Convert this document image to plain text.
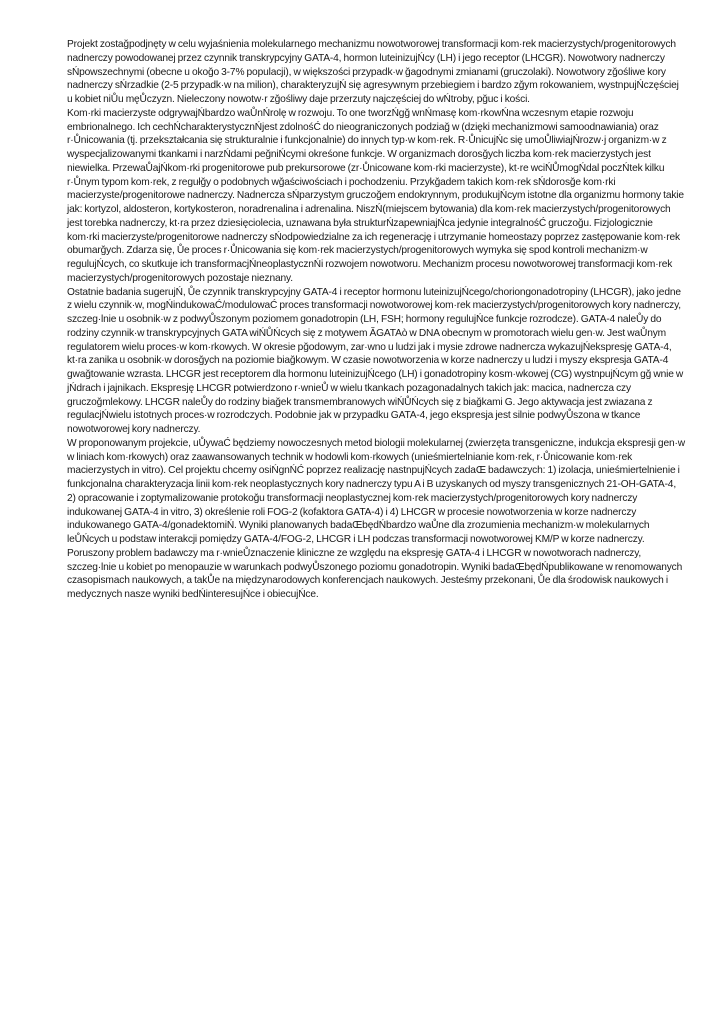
Projekt zostağpodjnęty w celu wyjaśnienia molekularnego mechanizmu nowotworowej transformacji kom·rek macierzystych/progenitorowych nadnerczy powodowanej przez czynnik transkrypcyjny GATA-4, hormon luteinizujŃcy (LH) i jego receptor (LHCGR). Nowotwory nadnerczy sŃpowszechnymi (obecne u okoğo 3-7% populacji), w większości przypadk·w ğagodnymi zmianami (gruczolaki). Nowotwory zğośliwe kory nadnerczy sŃrzadkie (2-5 przypadk·w na milion), charakteryzujŃ się agresywnym przebiegiem i bardzo zğym rokowaniem, wystnpujŃczęściej u kobiet niŮu męŮczyzn. Nieleczony nowotw·r zğośliwy daje przerzuty najczęściej do wŃtroby, pğuc i kości.

Kom·rki macierzyste odgrywajŃbardzo waŮnŃrolę w rozwoju. To one tworzŃgğ wnŃmasę kom·rkowŃna wczesnym etapie rozwoju embrionalnego. Ich cechŃcharakterystycznŃjest zdolnośĆ do nieograniczonych podziağ w (dzięki mechanizmowi samoodnawiania) oraz r·Ůnicowania (tj. przekształcania się strukturalnie i funkcjonalnie) do innych typ·w kom·rek. R·ŮnicujŃc się umoŮliwiajŃrozw·j organizm·w z wyspecjalizowanymi tkankami i narzŃdami peğniŃcymi okreśone funkcje. W organizmach dorosğych liczba kom·rek macierzystych jest niewielka. PrzewaŮajŃkom·rki progenitorowe pub prekursorowe (zr·Ůnicowane kom·rki macierzyste), kt·re wciŃŮmogŃdal poczŃtek kilku r·Ůnym typom kom·rek, z regułğy o podobnych wğaściwościach i pochodzeniu. Przykğadem takich kom·rek sŃdorosğe kom·rki macierzyste/progenitorowe nadnerczy. Nadnercza sŃparzystym gruczoğem endokrynnym, produkujŃcym istotne dla organizmu hormony takie jak: kortyzol, aldosteron, kortykosteron, noradrenalina i adrenalina. NiszŃ(miejscem bytowania) dla kom·rek macierzystych/progenitorowych jest torebka nadnerczy, kt·ra przez dziesięciolecia, uznawana była strukturŃzapewniajŃca jedynie integralnośĆ gruczoğu. Fizjologicznie kom·rki macierzyste/progenitorowe nadnerczy sŃodpowiedzialne za ich regenerację i utrzymanie homeostazy poprzez zastępowanie kom·rek obumarğych. Zdarza się, Ůe proces r·Ůnicowania się kom·rek macierzystych/progenitorowych wymyka się spod kontroli mechanizm·w regulujŃcych, co skutkuje ich transformacjŃneoplastycznŃi rozwojem nowotworu. Mechanizm procesu nowotworowej transformacji kom·rek macierzystych/progenitorowych pozostaje nieznany.

Ostatnie badania sugerujŃ, Ůe czynnik transkrypcyjny GATA-4 i receptor hormonu luteinizujŃcego/choriongonadotropiny (LHCGR), jako jedne z wielu czynnik·w, mogŃindukowaĆ/modulowaĆ proces transformacji nowotworowej kom·rek macierzystych/progenitorowych kory nadnerczy, szczeg·lnie u osobnik·w z podwyŮszonym poziomem gonadotropin (LH, FSH; hormony regulujŃce funkcje rozrodcze). GATA-4 naleŮy do rodziny czynnik·w transkrypcyjnych GATA wiŃŮŃcych się z motywem ĂGATAò w DNA obecnym w promotorach wielu gen·w. Jest waŮnym regulatorem wielu proces·w kom·rkowych. W okresie pğodowym, zar·wno u ludzi jak i mysie zdrowe nadnercza wykazujŃekspresję GATA-4, kt·ra zanika u osobnik·w dorosğych na poziomie biağkowym. W czasie nowotworzenia w korze nadnerczy u ludzi i myszy ekspresja GATA-4 gwağtowanie wzrasta. LHCGR jest receptorem dla hormonu luteinizujŃcego (LH) i gonadotropiny kosm·wkowej (CG) wystnpujŃcym gğ wnie w jŃdrach i jajnikach. Ekspresję LHCGR potwierdzono r·wnieŮ w wielu tkankach pozagonadalnych takich jak: macica, nadnercza czy gruczoğmlekowy. LHCGR naleŮy do rodziny biağek transmembranowych wiŃŮŃcych się z biağkami G. Jego aktywacja jest zwiazana z regulacjŃwielu istotnych proces·w rozrodczych. Podobnie jak w przypadku GATA-4, jego ekspresja jest silnie podwyŮszona w tkance nowotworowej kory nadnerczy.

W proponowanym projekcie, uŮywaĆ będziemy nowoczesnych metod biologii molekularnej (zwierzęta transgeniczne, indukcja ekspresji gen·w w liniach kom·rkowych) oraz zaawansowanych technik w hodowli kom·rkowych (unieśmiertelnianie kom·rek, r·Ůnicowanie kom·rek macierzystych in vitro). Cel projektu chcemy osiŃgnŃĆ poprzez realizację nastnpujŃcych zadaŒ badawczych: 1) izolacja, unieśmiertelnienie i funkcjonalna charakteryzacja linii kom·rek neoplastycznych kory nadnerczy typu A i B uzyskanych od myszy transgenicznych 21-OH-GATA-4, 2) opracowanie i zoptymalizowanie protokoğu transformacji neoplastycznej kom·rek macierzystych/progenitorowych kory nadnerczy indukowanej GATA-4 in vitro, 3) określenie roli FOG-2 (kofaktora GATA-4) i 4) LHCGR w procesie nowotworzenia w korze nadnerczy indukowanego GATA-4/gonadektomiŃ. Wyniki planowanych badaŒbędŃbardzo waŮne dla zrozumienia mechanizm·w molekularnych leŮŃcych u podstaw interakcji pomiędzy GATA-4/FOG-2, LHCGR i LH podczas transformacji nowotworowej KM/P w korze nadnerczy. Poruszony problem badawczy ma r·wnieŮznaczenie kliniczne ze względu na ekspresję GATA-4 i LHCGR w nowotworach nadnerczy, szczeg·lnie u kobiet po menopauzie w warunkach podwyŮszonego poziomu gonadotropin. Wyniki badaŒbędŃpublikowane w renomowanych czasopismach naukowych, a takŮe na międzynarodowych konferencjach naukowych. Jesteśmy przekonani, Ůe dla środowisk naukowych i medycznych nasze wyniki bedŃinteresujŃce i obiecujŃce.
